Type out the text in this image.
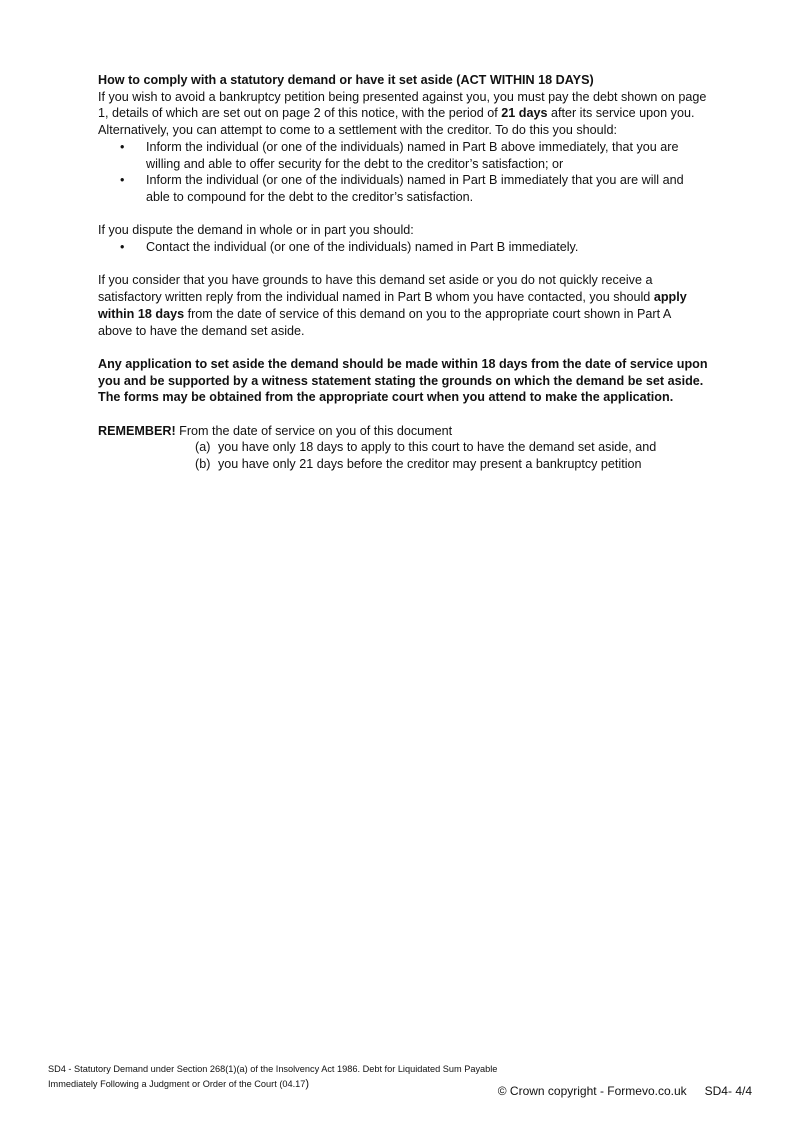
How to comply with a statutory demand or have it set aside (ACT WITHIN 18 DAYS)

If you wish to avoid a bankruptcy petition being presented against you, you must pay the debt shown on page 1, details of which are set out on page 2 of this notice, with the period of 21 days after its service upon you. Alternatively, you can attempt to come to a settlement with the creditor. To do this you should:

• Inform the individual (or one of the individuals) named in Part B above immediately, that you are willing and able to offer security for the debt to the creditor’s satisfaction; or
• Inform the individual (or one of the individuals) named in Part B immediately that you are will and able to compound for the debt to the creditor’s satisfaction.

If you dispute the demand in whole or in part you should:

• Contact the individual (or one of the individuals) named in Part B immediately.

If you consider that you have grounds to have this demand set aside or you do not quickly receive a satisfactory written reply from the individual named in Part B whom you have contacted, you should apply within 18 days from the date of service of this demand on you to the appropriate court shown in Part A above to have the demand set aside.

Any application to set aside the demand should be made within 18 days from the date of service upon you and be supported by a witness statement stating the grounds on which the demand be set aside. The forms may be obtained from the appropriate court when you attend to make the application.

REMEMBER! From the date of service on you of this document

(a) you have only 18 days to apply to this court to have the demand set aside, and
(b) you have only 21 days before the creditor may present a bankruptcy petition
SD4 - Statutory Demand under Section 268(1)(a) of the Insolvency Act 1986. Debt for Liquidated Sum Payable
Immediately Following a Judgment or Order of the Court (04.17)
© Crown copyright - Formevo.co.uk SD4- 4/4
